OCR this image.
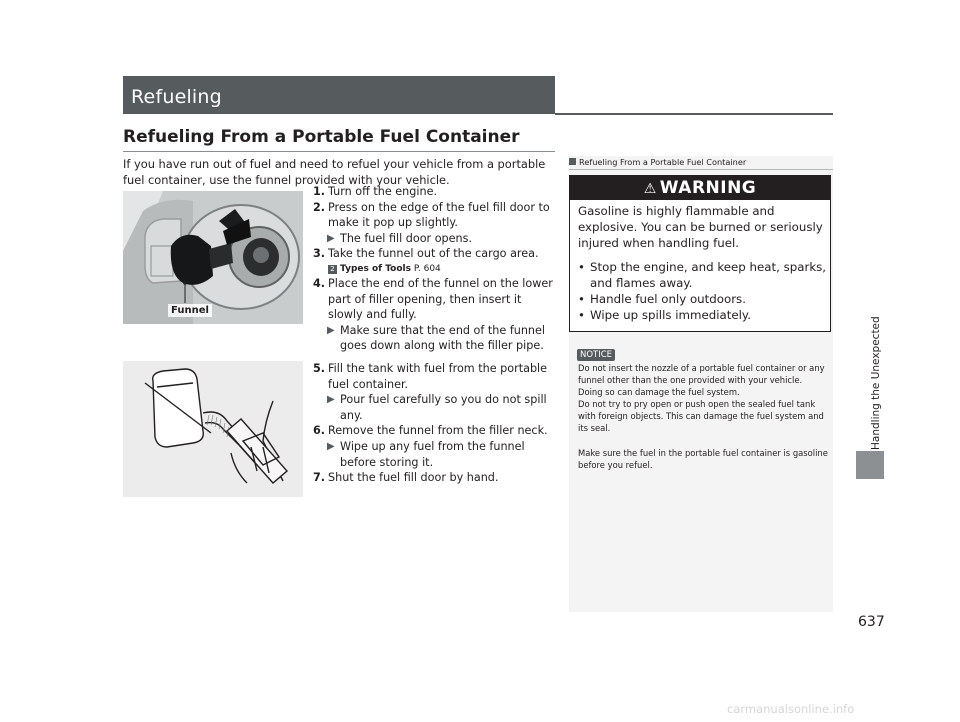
Refueling
Refueling From a Portable Fuel Container
If you have run out of fuel and need to refuel your vehicle from a portable fuel container, use the funnel provided with your vehicle.
Funnel
1. Turn off the engine.
2. Press on the edge of the fuel fill door to make it pop up slightly.
▶ The fuel fill door opens.
3. Take the funnel out of the cargo area.
2 Types of Tools P. 604
4. Place the end of the funnel on the lower part of filler opening, then insert it slowly and fully.
▶ Make sure that the end of the funnel goes down along with the filler pipe.
5. Fill the tank with fuel from the portable fuel container.
▶ Pour fuel carefully so you do not spill any.
6. Remove the funnel from the filler neck.
▶ Wipe up any fuel from the funnel before storing it.
7. Shut the fuel fill door by hand.
Refueling From a Portable Fuel Container
⚠ WARNING
Gasoline is highly flammable and explosive. You can be burned or seriously injured when handling fuel.
• Stop the engine, and keep heat, sparks, and flames away.
• Handle fuel only outdoors.
• Wipe up spills immediately.
NOTICE

Do not insert the nozzle of a portable fuel container or any funnel other than the one provided with your vehicle. Doing so can damage the fuel system.

Do not try to pry open or push open the sealed fuel tank with foreign objects. This can damage the fuel system and its seal.

Make sure the fuel in the portable fuel container is gasoline before you refuel.

Handling the Unexpected
637
carmanualsonline.info
